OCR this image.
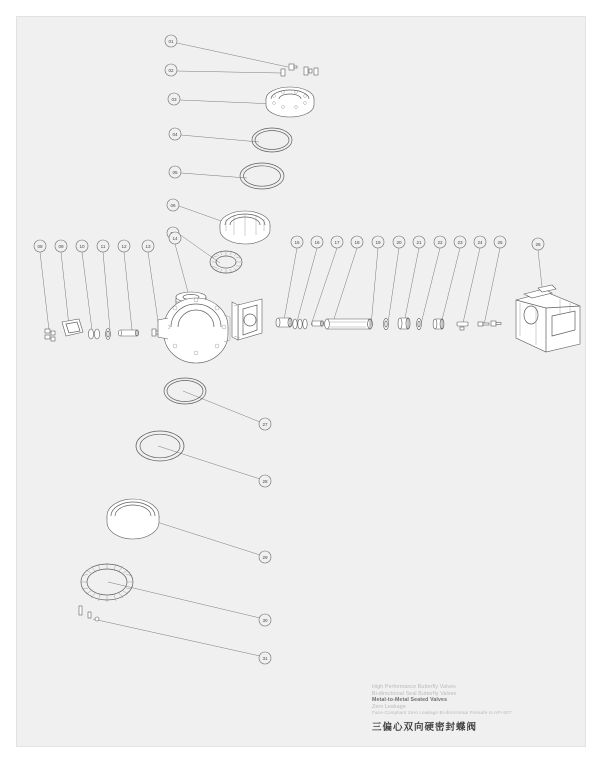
01
02
03
04
05
06
08	09	10	11	12	13
14
15	16	17	18	19	20	21	22	23	24	25	26
27
28
29
30
31
High Performance Butterfly Valves
Bi-directional Seal Butterfly Valves
Metal-to-Metal Seated Valves
Zero Leakage
Face-Compliant Zero Leakage Bi-directional Firesafe to API 607
三偏心双向硬密封蝶阀
